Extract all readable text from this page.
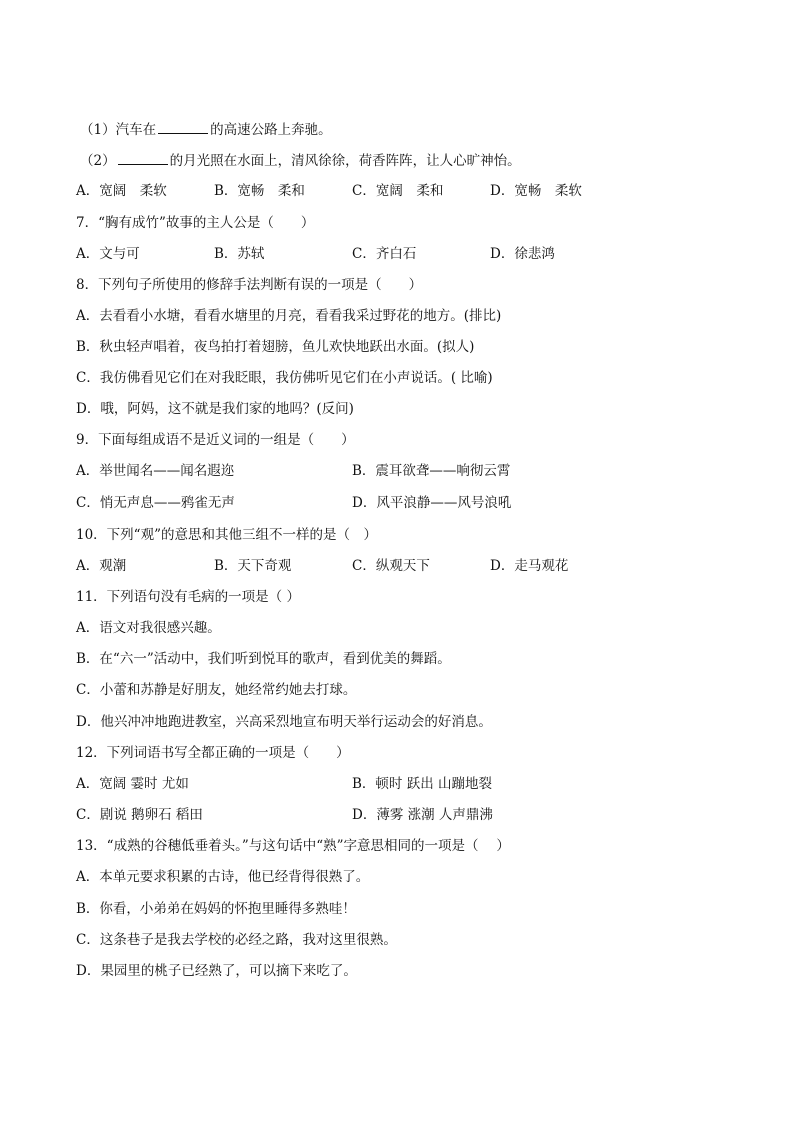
（1）汽车在	的高速公路上奔驰。
（2）	的月光照在水面上，清风徐徐，荷香阵阵，让人心旷神怡。
A．宽阔　柔软	B．宽畅　柔和	C．宽阔　柔和	D．宽畅　柔软
7．“胸有成竹”故事的主人公是（　　）
A．文与可	B．苏轼	C．齐白石	D．徐悲鸿
8．下列句子所使用的修辞手法判断有误的一项是（　　）
A．去看看小水塘，看看水塘里的月亮，看看我采过野花的地方。(排比)
B．秋虫轻声唱着，夜鸟拍打着翅膀，鱼儿欢快地跃出水面。(拟人)
C．我仿佛看见它们在对我眨眼，我仿佛听见它们在小声说话。( 比喻)
D．哦，阿妈，这不就是我们家的地吗？(反问)
9．下面每组成语不是近义词的一组是（　　）
A．举世闻名——闻名遐迩	B．震耳欲聋——响彻云霄
C．悄无声息——鸦雀无声	D．风平浪静——风号浪吼
10．下列“观”的意思和其他三组不一样的是（　）
A．观潮	B．天下奇观	C．纵观天下	D．走马观花
11．下列语句没有毛病的一项是（ ）
A．语文对我很感兴趣。
B．在“六一”活动中，我们听到悦耳的歌声，看到优美的舞蹈。
C．小蕾和苏静是好朋友，她经常约她去打球。
D．他兴冲冲地跑进教室，兴高采烈地宣布明天举行运动会的好消息。
12．下列词语书写全都正确的一项是（　　）
A．宽阔 霎时 尤如	B．顿时 跃出 山蹦地裂
C．剧说 鹅卵石 稻田	D．薄雾 涨潮 人声鼎沸
13．“成熟的谷穗低垂着头。”与这句话中“熟”字意思相同的一项是（　 ）
A．本单元要求积累的古诗，他已经背得很熟了。
B．你看，小弟弟在妈妈的怀抱里睡得多熟哇！
C．这条巷子是我去学校的必经之路，我对这里很熟。
D．果园里的桃子已经熟了，可以摘下来吃了。
